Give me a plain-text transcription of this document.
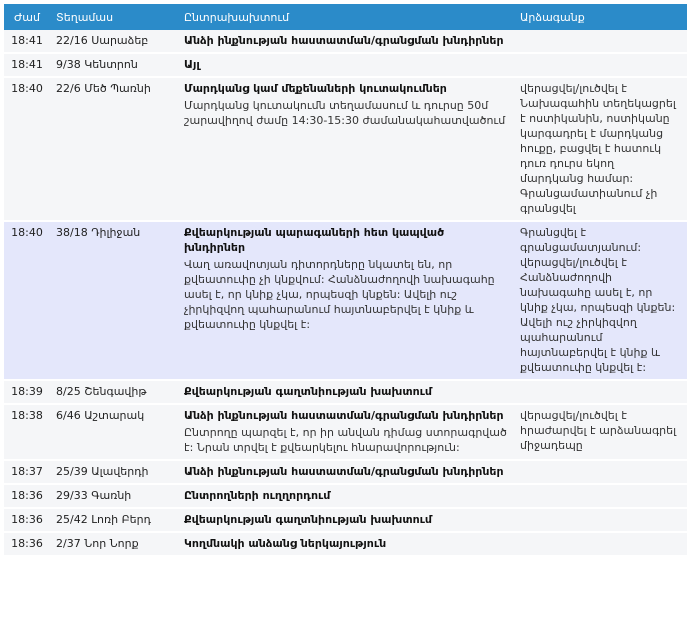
Ժամ	Տեղամաս	Ընտրախախտում	Արձագանք
18:41	22/16 Սարաձեբ	Անձի ինքնության հաստատման/գրանցման խնդիրներ	

18:41	9/38 Կենտրոն	Այլ	

18:40	22/6 Մեծ Պառնի	Մարդկանց կամ մեքենաների կուտակումներ
Մարդկանց կուտակումն տեղամասում և դուրսը 50մ շարավիղով ժամը 14:30-15:30 ժամանակահատվածում	վերացվել/լուծվել է Նախագահին տեղեկացրել է ոստիկանին, ոստիկանը կարգադրել է մարդկանց հուքը, բացվել է հատուկ դուռ դուրս եկող մարդկանց համար: Գրանցամատիանում չի գրանցվել
18:40	38/18 Դիլիջան	Քվեարկության պարագաների հետ կապված խնդիրներ
Վաղ առավոտյան դիտորդները նկատել են, որ քվեատուփը չի կնքվում: Հանձնաժողովի նախագահը ասել է, որ կնիք չկա, որպեսզի կնքեն: Ավելի ուշ չիրկիզվող պահարանում հայտնաբերվել է կնիք և քվեատուփը կնքվել է:	Գրանցվել է գրանցամատյանում: վերացվել/լուծվել է Հանձնաժողովի նախագահը ասել է, որ կնիք չկա, որպեսզի կնքեն: Ավելի ուշ չիրկիզվող պահարանում հայտնաբերվել է կնիք և քվեատուփը կնքվել է:
18:39	8/25 Շենգավիթ	Քվեարկության գաղտնիության խախտում	

18:38	6/46 Աշտարակ	Անձի ինքնության հաստատման/գրանցման խնդիրներ
Ընտրողը պարզել է, որ իր անվան դիմաց ստորագրված է: Նրան տրվել է քվեարկելու հնարավորություն:	վերացվել/լուծվել է հրաժարվել է արձանագրել միջադեպը
18:37	25/39 Ալավերդի	Անձի ինքնության հաստատման/գրանցման խնդիրներ	

18:36	29/33 Գառնի	Ընտրողների ուղղորդում	

18:36	25/42 Լոռի Բերդ	Քվեարկության գաղտնիության խախտում	

18:36	2/37 Նոր Նորք	Կողմնակի անձանց ներկայություն	
